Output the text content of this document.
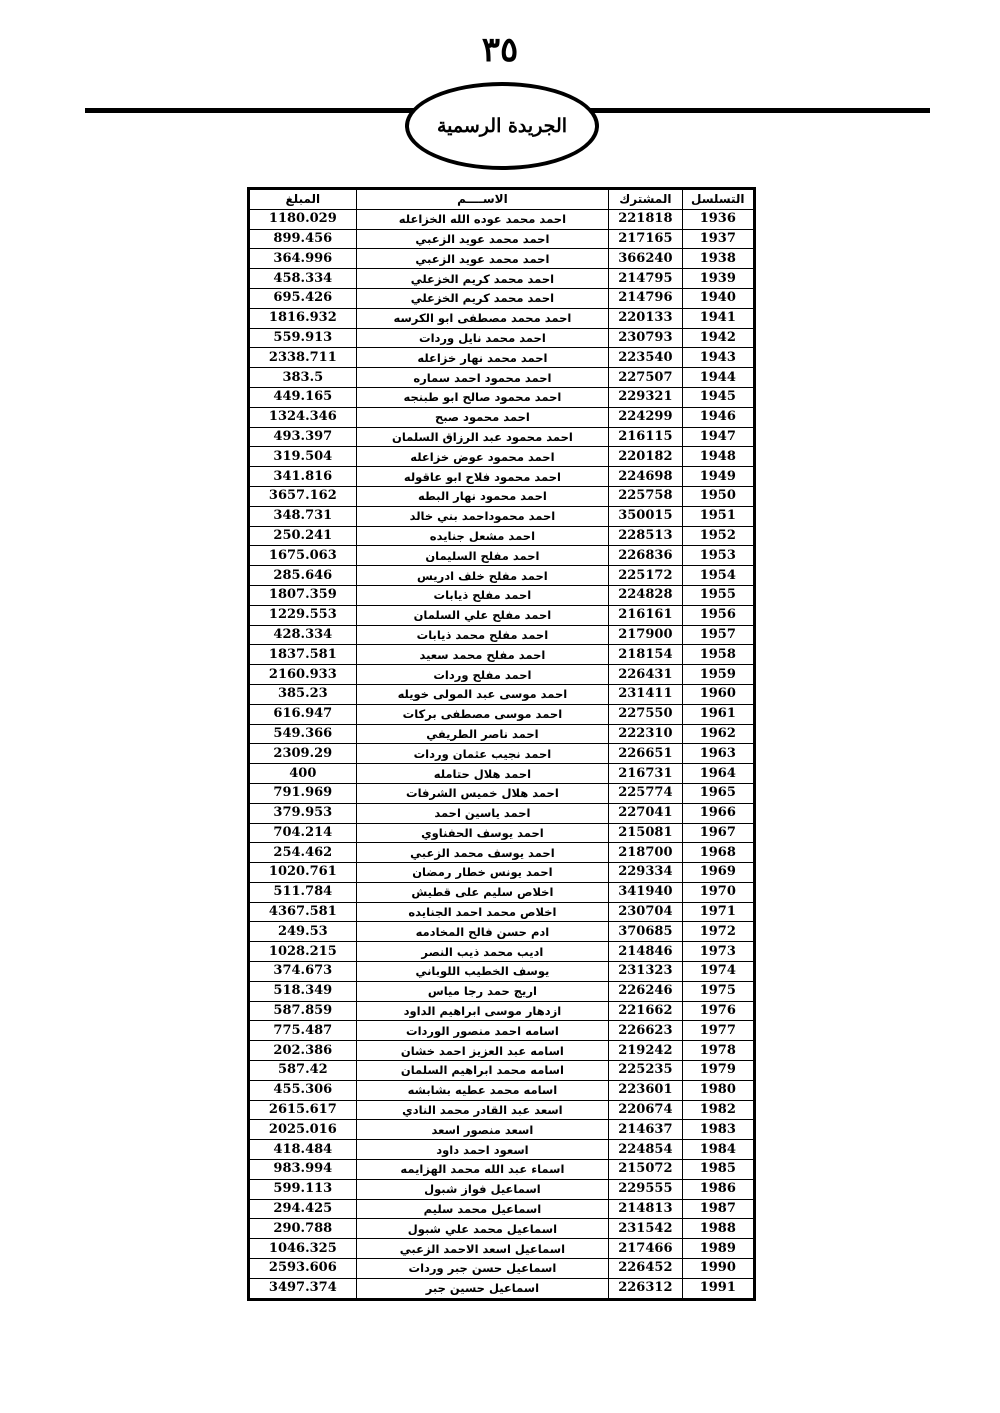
٣٥
الجريدة الرسمية
التسلسل	المشترك	الاســــم	المبلغ
1936	221818	احمد محمد عوده الله الخزاعله	1180.029
1937	217165	احمد محمد عويد الزعبي	899.456
1938	366240	احمد محمد عويد الزعبي	364.996
1939	214795	احمد محمد كريم الخزعلي	458.334
1940	214796	احمد محمد كريم الخزعلي	695.426
1941	220133	احمد محمد مصطفى ابو الكرسه	1816.932
1942	230793	احمد محمد نايل وردات	559.913
1943	223540	احمد محمد نهار خزاعله	2338.711
1944	227507	احمد محمود احمد سماره	383.5
1945	229321	احمد محمود صالح ابو طبنجه	449.165
1946	224299	احمد محمود صبح	1324.346
1947	216115	احمد محمود عبد الرزاق السلمان	493.397
1948	220182	احمد محمود عوض خزاعله	319.504
1949	224698	احمد محمود فلاح ابو عاقوله	341.816
1950	225758	احمد محمود نهار البطه	3657.162
1951	350015	احمد محموداحمد بني خالد	348.731
1952	228513	احمد مشعل جنايده	250.241
1953	226836	احمد مفلح السليمان	1675.063
1954	225172	احمد مفلح خلف ادريس	285.646
1955	224828	احمد مفلح ذيابات	1807.359
1956	216161	احمد مفلح علي السلمان	1229.553
1957	217900	احمد مفلح محمد ذيابات	428.334
1958	218154	احمد مفلح محمد سعيد	1837.581
1959	226431	احمد مفلح وردات	2160.933
1960	231411	احمد موسى عبد المولى خويله	385.23
1961	227550	احمد موسى مصطفى بركات	616.947
1962	222310	احمد ناصر الطريفي	549.366
1963	226651	احمد نجيب عثمان وردات	2309.29
1964	216731	احمد هلال حتامله	400
1965	225774	احمد هلال خميس الشرفات	791.969
1966	227041	احمد ياسين احمد	379.953
1967	215081	احمد يوسف الحفناوي	704.214
1968	218700	احمد يوسف محمد الزعبي	254.462
1969	229334	احمد يونس خطار رمضان	1020.761
1970	341940	اخلاص سليم على قطيش	511.784
1971	230704	اخلاص محمد احمد الجنايده	4367.581
1972	370685	ادم حسن فالح المخادمه	249.53
1973	214846	اديب محمد ذيب النصر	1028.215
1974	231323	يوسف الخطيب اللوباني	374.673
1975	226246	اريج حمد رجا مياس	518.349
1976	221662	ازدهار موسى ابراهيم الداود	587.859
1977	226623	اسامه احمد منصور الوردات	775.487
1978	219242	اسامه عبد العزيز احمد خشان	202.386
1979	225235	اسامه محمد ابراهيم السلمان	587.42
1980	223601	اسامه محمد عطيه بشابشه	455.306
1982	220674	اسعد عبد القادر محمد النادي	2615.617
1983	214637	اسعد منصور اسعد	2025.016
1984	224854	اسعود احمد داود	418.484
1985	215072	اسماء عبد الله محمد الهزايمه	983.994
1986	229555	اسماعيل فواز شبول	599.113
1987	214813	اسماعيل محمد سليم	294.425
1988	231542	اسماعيل محمد علي شبول	290.788
1989	217466	اسماعيل اسعد الاحمد الزعبي	1046.325
1990	226452	اسماعيل حسن جبر وردات	2593.606
1991	226312	اسماعيل حسين جبر	3497.374
